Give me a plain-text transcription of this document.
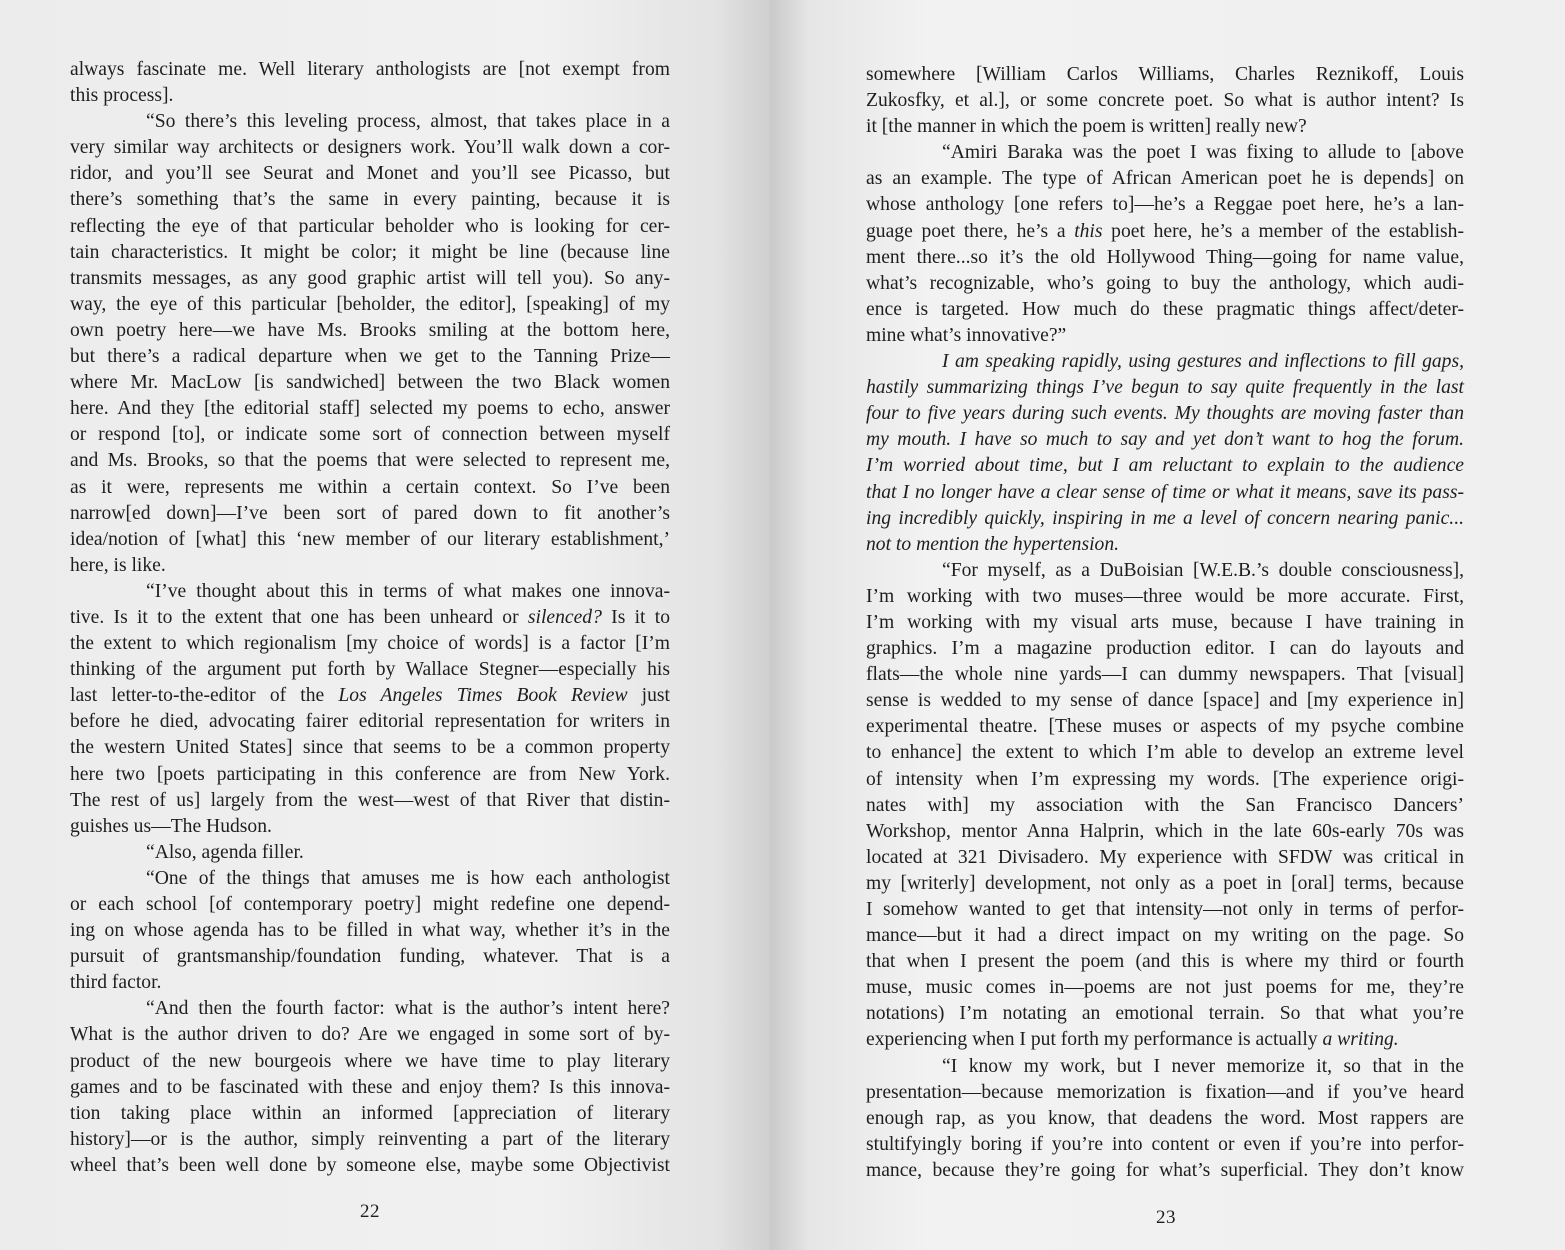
always fascinate me. Well literary anthologists are [not exempt from
this process].
“So there’s this leveling process, almost, that takes place in a
very similar way architects or designers work. You’ll walk down a cor-
ridor, and you’ll see Seurat and Monet and you’ll see Picasso, but
there’s something that’s the same in every painting, because it is
reflecting the eye of that particular beholder who is looking for cer-
tain characteristics. It might be color; it might be line (because line
transmits messages, as any good graphic artist will tell you). So any-
way, the eye of this particular [beholder, the editor], [speaking] of my
own poetry here—we have Ms. Brooks smiling at the bottom here,
but there’s a radical departure when we get to the Tanning Prize—
where Mr. MacLow [is sandwiched] between the two Black women
here. And they [the editorial staff] selected my poems to echo, answer
or respond [to], or indicate some sort of connection between myself
and Ms. Brooks, so that the poems that were selected to represent me,
as it were, represents me within a certain context. So I’ve been
narrow[ed down]—I’ve been sort of pared down to fit another’s
idea/notion of [what] this ‘new member of our literary establishment,’
here, is like.
“I’ve thought about this in terms of what makes one innova-
tive. Is it to the extent that one has been unheard or silenced? Is it to
the extent to which regionalism [my choice of words] is a factor [I’m
thinking of the argument put forth by Wallace Stegner—especially his
last letter-to-the-editor of the Los Angeles Times Book Review just
before he died, advocating fairer editorial representation for writers in
the western United States] since that seems to be a common property
here two [poets participating in this conference are from New York.
The rest of us] largely from the west—west of that River that distin-
guishes us—The Hudson.
“Also, agenda filler.
“One of the things that amuses me is how each anthologist
or each school [of contemporary poetry] might redefine one depend-
ing on whose agenda has to be filled in what way, whether it’s in the
pursuit of grantsmanship/foundation funding, whatever. That is a
third factor.
“And then the fourth factor: what is the author’s intent here?
What is the author driven to do? Are we engaged in some sort of by-
product of the new bourgeois where we have time to play literary
games and to be fascinated with these and enjoy them? Is this innova-
tion taking place within an informed [appreciation of literary
history]—or is the author, simply reinventing a part of the literary
wheel that’s been well done by someone else, maybe some Objectivist
22
somewhere [William Carlos Williams, Charles Reznikoff, Louis
Zukosfky, et al.], or some concrete poet. So what is author intent? Is
it [the manner in which the poem is written] really new?
“Amiri Baraka was the poet I was fixing to allude to [above
as an example. The type of African American poet he is depends] on
whose anthology [one refers to]—he’s a Reggae poet here, he’s a lan-
guage poet there, he’s a this poet here, he’s a member of the establish-
ment there...so it’s the old Hollywood Thing—going for name value,
what’s recognizable, who’s going to buy the anthology, which audi-
ence is targeted. How much do these pragmatic things affect/deter-
mine what’s innovative?”
I am speaking rapidly, using gestures and inflections to fill gaps,
hastily summarizing things I’ve begun to say quite frequently in the last
four to five years during such events. My thoughts are moving faster than
my mouth. I have so much to say and yet don’t want to hog the forum.
I’m worried about time, but I am reluctant to explain to the audience
that I no longer have a clear sense of time or what it means, save its pass-
ing incredibly quickly, inspiring in me a level of concern nearing panic...
not to mention the hypertension.
“For myself, as a DuBoisian [W.E.B.’s double consciousness],
I’m working with two muses—three would be more accurate. First,
I’m working with my visual arts muse, because I have training in
graphics. I’m a magazine production editor. I can do layouts and
flats—the whole nine yards—I can dummy newspapers. That [visual]
sense is wedded to my sense of dance [space] and [my experience in]
experimental theatre. [These muses or aspects of my psyche combine
to enhance] the extent to which I’m able to develop an extreme level
of intensity when I’m expressing my words. [The experience origi-
nates with] my association with the San Francisco Dancers’
Workshop, mentor Anna Halprin, which in the late 60s-early 70s was
located at 321 Divisadero. My experience with SFDW was critical in
my [writerly] development, not only as a poet in [oral] terms, because
I somehow wanted to get that intensity—not only in terms of perfor-
mance—but it had a direct impact on my writing on the page. So
that when I present the poem (and this is where my third or fourth
muse, music comes in—poems are not just poems for me, they’re
notations) I’m notating an emotional terrain. So that what you’re
experiencing when I put forth my performance is actually a writing.
“I know my work, but I never memorize it, so that in the
presentation—because memorization is fixation—and if you’ve heard
enough rap, as you know, that deadens the word. Most rappers are
stultifyingly boring if you’re into content or even if you’re into perfor-
mance, because they’re going for what’s superficial. They don’t know
23
